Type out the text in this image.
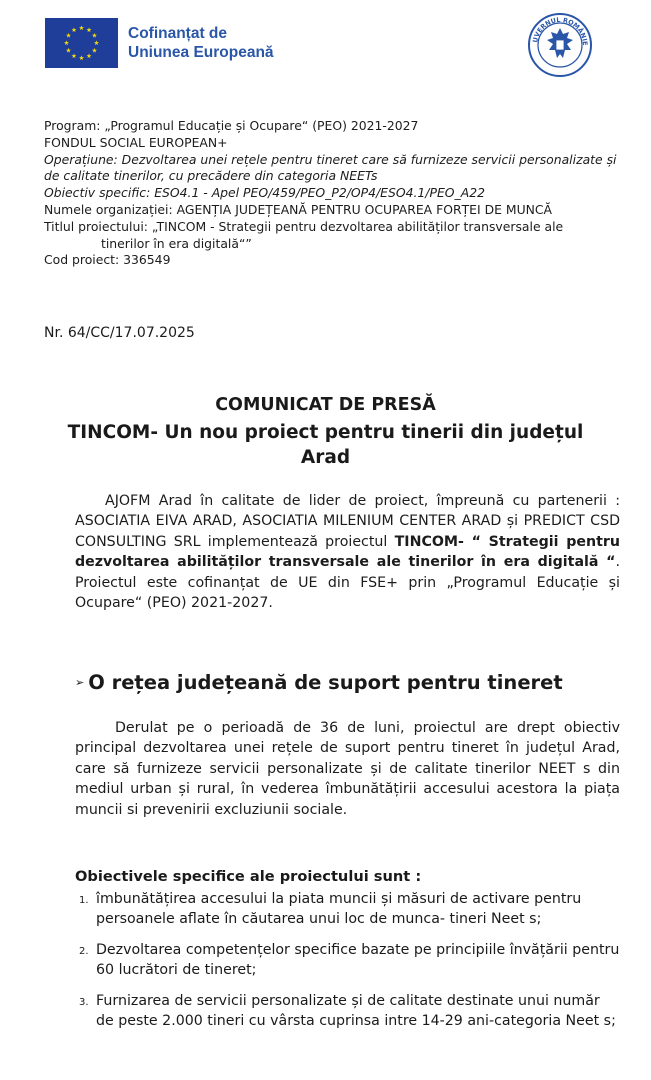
Cofinanțat de
Uniunea Europeană
UVERNUL ROMÂNIE
Program: „Programul Educație și Ocupare“ (PEO) 2021-2027
FONDUL SOCIAL EUROPEAN+
Operațiune: Dezvoltarea unei rețele pentru tineret care să furnizeze servicii personalizate și de calitate tinerilor, cu precădere din categoria NEETs
Obiectiv specific: ESO4.1 - Apel PEO/459/PEO_P2/OP4/ESO4.1/PEO_A22
Numele organizației: AGENȚIA JUDEȚEANĂ PENTRU OCUPAREA FORȚEI DE MUNCĂ
Titlul proiectului: „TINCOM - Strategii pentru dezvoltarea abilităților transversale ale
tinerilor în era digitală“”
Cod proiect: 336549
Nr. 64/CC/17.07.2025
COMUNICAT DE PRESĂ
TINCOM- Un nou proiect pentru tinerii din județul
Arad
AJOFM Arad în calitate de lider de proiect, împreună cu partenerii : ASOCIATIA EIVA ARAD, ASOCIATIA MILENIUM CENTER ARAD și PREDICT CSD CONSULTING SRL implementează proiectul TINCOM- “ Strategii pentru dezvoltarea abilităților transversale ale tinerilor în era digitală “. Proiectul este cofinanțat de UE din FSE+ prin „Programul Educație și Ocupare“ (PEO) 2021-2027.
➢ O rețea județeană de suport pentru tineret
Derulat pe o perioadă de 36 de luni, proiectul are drept obiectiv principal dezvoltarea unei rețele de suport pentru tineret în județul Arad, care să furnizeze servicii personalizate și de calitate tinerilor NEET s din mediul urban și rural, în vederea îmbunătățirii accesului acestora la piața muncii si prevenirii excluziunii sociale.
Obiectivele specifice ale proiectului sunt :
1. îmbunătățirea accesului la piata muncii și măsuri de activare pentru persoanele aflate în căutarea unui loc de munca- tineri Neet s;
2. Dezvoltarea competențelor specifice bazate pe principiile învățării pentru 60 lucrători de tineret;
3. Furnizarea de servicii personalizate și de calitate destinate unui număr de peste 2.000 tineri cu vârsta cuprinsa intre 14-29 ani-categoria Neet s;
